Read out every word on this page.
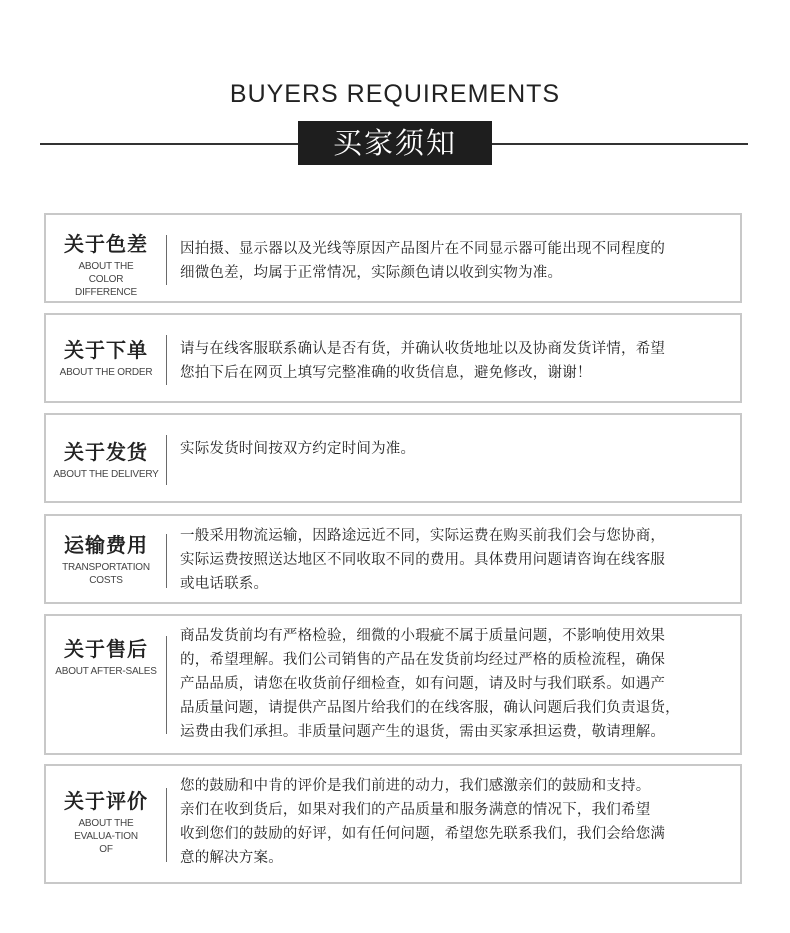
BUYERS REQUIREMENTS
买家须知
关于色差
ABOUT THE COLOR DIFFERENCE
因拍摄、显示器以及光线等原因产品图片在不同显示器可能出现不同程度的
细微色差，均属于正常情况，实际颜色请以收到实物为准。
关于下单
ABOUT THE ORDER
请与在线客服联系确认是否有货，并确认收货地址以及协商发货详情，希望
您拍下后在网页上填写完整准确的收货信息，避免修改，谢谢！
关于发货
ABOUT THE DELIVERY
实际发货时间按双方约定时间为准。
运输费用
TRANSPORTATION COSTS
一般采用物流运输，因路途远近不同，实际运费在购买前我们会与您协商，
实际运费按照送达地区不同收取不同的费用。具体费用问题请咨询在线客服
或电话联系。
关于售后
ABOUT AFTER-SALES
商品发货前均有严格检验，细微的小瑕疵不属于质量问题，不影响使用效果
的，希望理解。我们公司销售的产品在发货前均经过严格的质检流程，确保
产品品质，请您在收货前仔细检查，如有问题，请及时与我们联系。如遇产
品质量问题，请提供产品图片给我们的在线客服，确认问题后我们负责退货，
运费由我们承担。非质量问题产生的退货，需由买家承担运费，敬请理解。
关于评价
ABOUT THE EVALUA-TION OF
您的鼓励和中肯的评价是我们前进的动力，我们感激亲们的鼓励和支持。
亲们在收到货后，如果对我们的产品质量和服务满意的情况下，我们希望
收到您们的鼓励的好评，如有任何问题，希望您先联系我们，我们会给您满
意的解决方案。
